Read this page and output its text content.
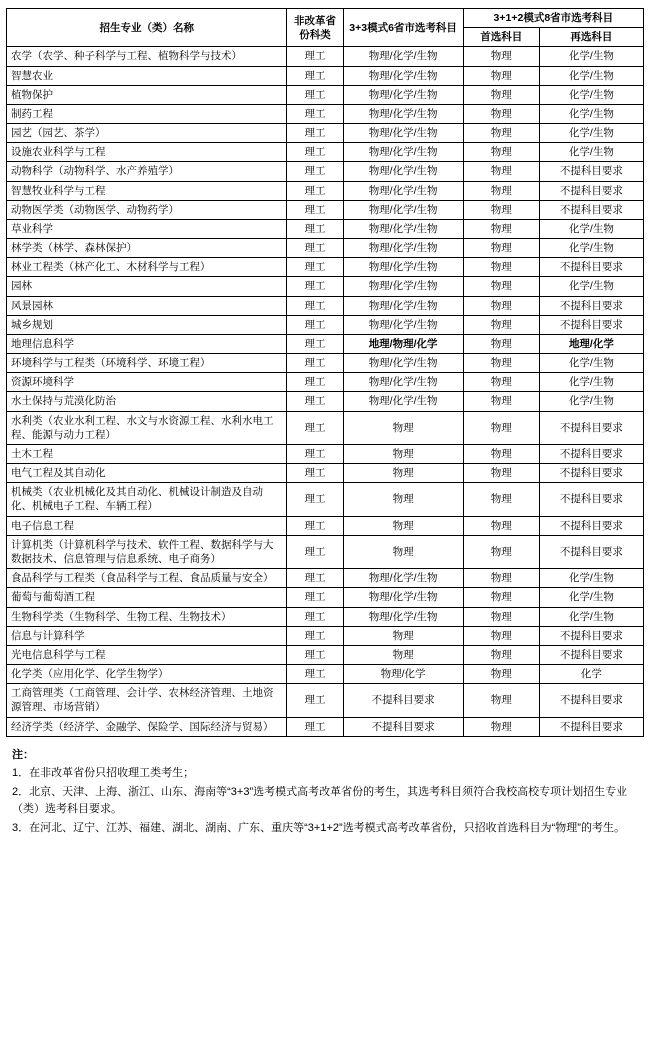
招生专业（类）名称	非改革省份科类	3+3模式6省市选考科目	3+1+2模式8省市选考科目	
			首选科目	再选科目
农学（农学、种子科学与工程、植物科学与技术）	理工	物理/化学/生物	物理	化学/生物
智慧农业	理工	物理/化学/生物	物理	化学/生物
植物保护	理工	物理/化学/生物	物理	化学/生物
制药工程	理工	物理/化学/生物	物理	化学/生物
园艺（园艺、茶学）	理工	物理/化学/生物	物理	化学/生物
设施农业科学与工程	理工	物理/化学/生物	物理	化学/生物
动物科学（动物科学、水产养殖学）	理工	物理/化学/生物	物理	不提科目要求
智慧牧业科学与工程	理工	物理/化学/生物	物理	不提科目要求
动物医学类（动物医学、动物药学）	理工	物理/化学/生物	物理	不提科目要求
草业科学	理工	物理/化学/生物	物理	化学/生物
林学类（林学、森林保护）	理工	物理/化学/生物	物理	化学/生物
林业工程类（林产化工、木材科学与工程）	理工	物理/化学/生物	物理	不提科目要求
园林	理工	物理/化学/生物	物理	化学/生物
风景园林	理工	物理/化学/生物	物理	不提科目要求
城乡规划	理工	物理/化学/生物	物理	不提科目要求
地理信息科学	理工	地理/物理/化学	物理	地理/化学
环境科学与工程类（环境科学、环境工程）	理工	物理/化学/生物	物理	化学/生物
资源环境科学	理工	物理/化学/生物	物理	化学/生物
水土保持与荒漠化防治	理工	物理/化学/生物	物理	化学/生物
水利类（农业水利工程、水文与水资源工程、水利水电工程、能源与动力工程）	理工	物理	物理	不提科目要求
土木工程	理工	物理	物理	不提科目要求
电气工程及其自动化	理工	物理	物理	不提科目要求
机械类（农业机械化及其自动化、机械设计制造及自动化、机械电子工程、车辆工程）	理工	物理	物理	不提科目要求
电子信息工程	理工	物理	物理	不提科目要求
计算机类（计算机科学与技术、软件工程、数据科学与大数据技术、信息管理与信息系统、电子商务）	理工	物理	物理	不提科目要求
食品科学与工程类（食品科学与工程、食品质量与安全）	理工	物理/化学/生物	物理	化学/生物
葡萄与葡萄酒工程	理工	物理/化学/生物	物理	化学/生物
生物科学类（生物科学、生物工程、生物技术）	理工	物理/化学/生物	物理	化学/生物
信息与计算科学	理工	物理	物理	不提科目要求
光电信息科学与工程	理工	物理	物理	不提科目要求
化学类（应用化学、化学生物学）	理工	物理/化学	物理	化学
工商管理类（工商管理、会计学、农林经济管理、土地资源管理、市场营销）	理工	不提科目要求	物理	不提科目要求
经济学类（经济学、金融学、保险学、国际经济与贸易）	理工	不提科目要求	物理	不提科目要求
注：
1．在非改革省份只招收理工类考生；
2．北京、天津、上海、浙江、山东、海南等“3+3”选考模式高考改革省份的考生，其选考科目须符合我校高校专项计划招生专业（类）选考科目要求。
3．在河北、辽宁、江苏、福建、湖北、湖南、广东、重庆等“3+1+2”选考模式高考改革省份，只招收首选科目为“物理”的考生。
